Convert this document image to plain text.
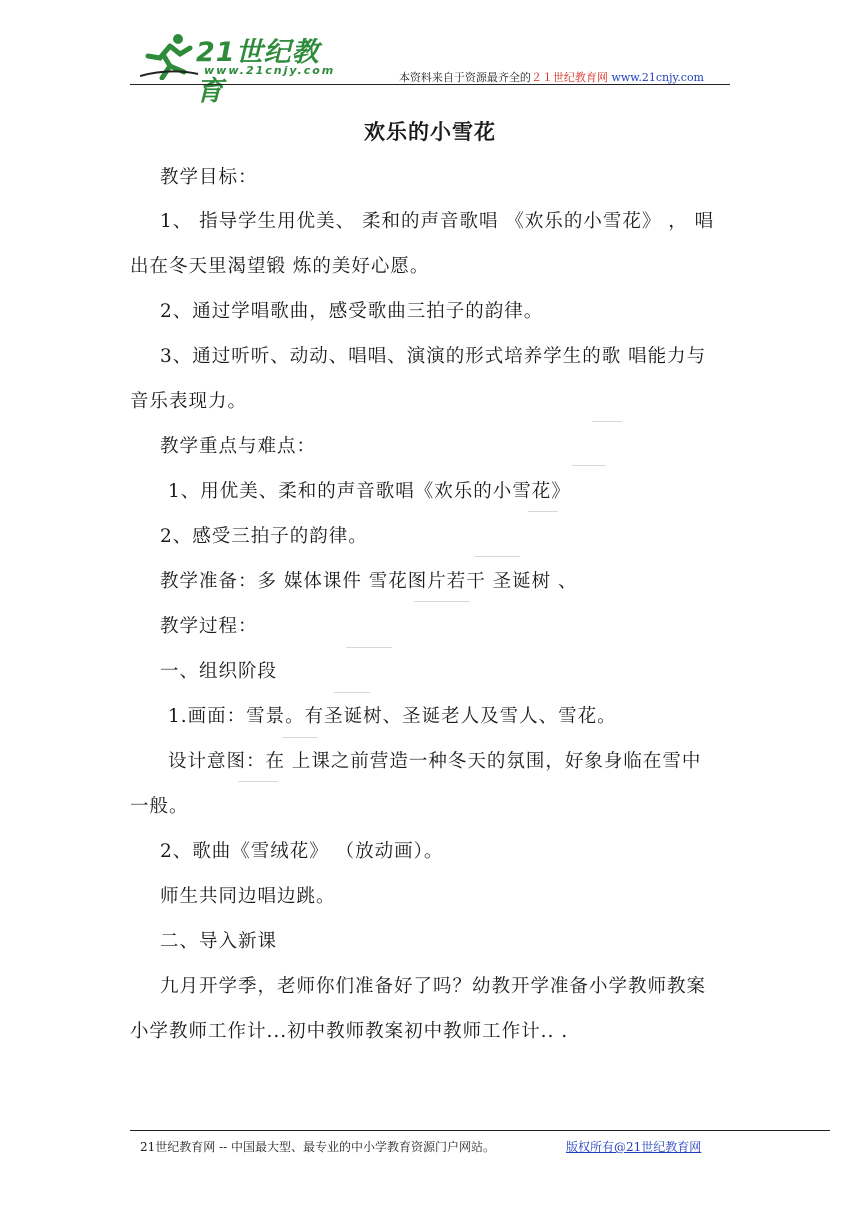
21世纪教育
www.21cnjy.com
本资料来自于资源最齐全的２１世纪教育网 www.21cnjy.com
欢乐的小雪花
教学目标：
1、 指导学生用优美、 柔和的声音歌唱 《欢乐的小雪花》 ， 唱
出在冬天里渴望锻 炼的美好心愿。
2、通过学唱歌曲，感受歌曲三拍子的韵律。
3、通过听听、动动、唱唱、演演的形式培养学生的歌 唱能力与
音乐表现力。
教学重点与难点：
1、用优美、柔和的声音歌唱《欢乐的小雪花》
2、感受三拍子的韵律。
教学准备：多 媒体课件 雪花图片若干 圣诞树 、
教学过程：
一、组织阶段
1.画面：雪景。有圣诞树、圣诞老人及雪人、雪花。
设计意图：在 上课之前营造一种冬天的氛围，好象身临在雪中
一般。
2、歌曲《雪绒花》 （放动画）。
师生共同边唱边跳。
二、导入新课
九月开学季，老师你们准备好了吗？幼教开学准备小学教师教案
小学教师工作计...初中教师教案初中教师工作计.. .
21世纪教育网 -- 中国最大型、最专业的中小学教育资源门户网站。	版权所有@21世纪教育网
